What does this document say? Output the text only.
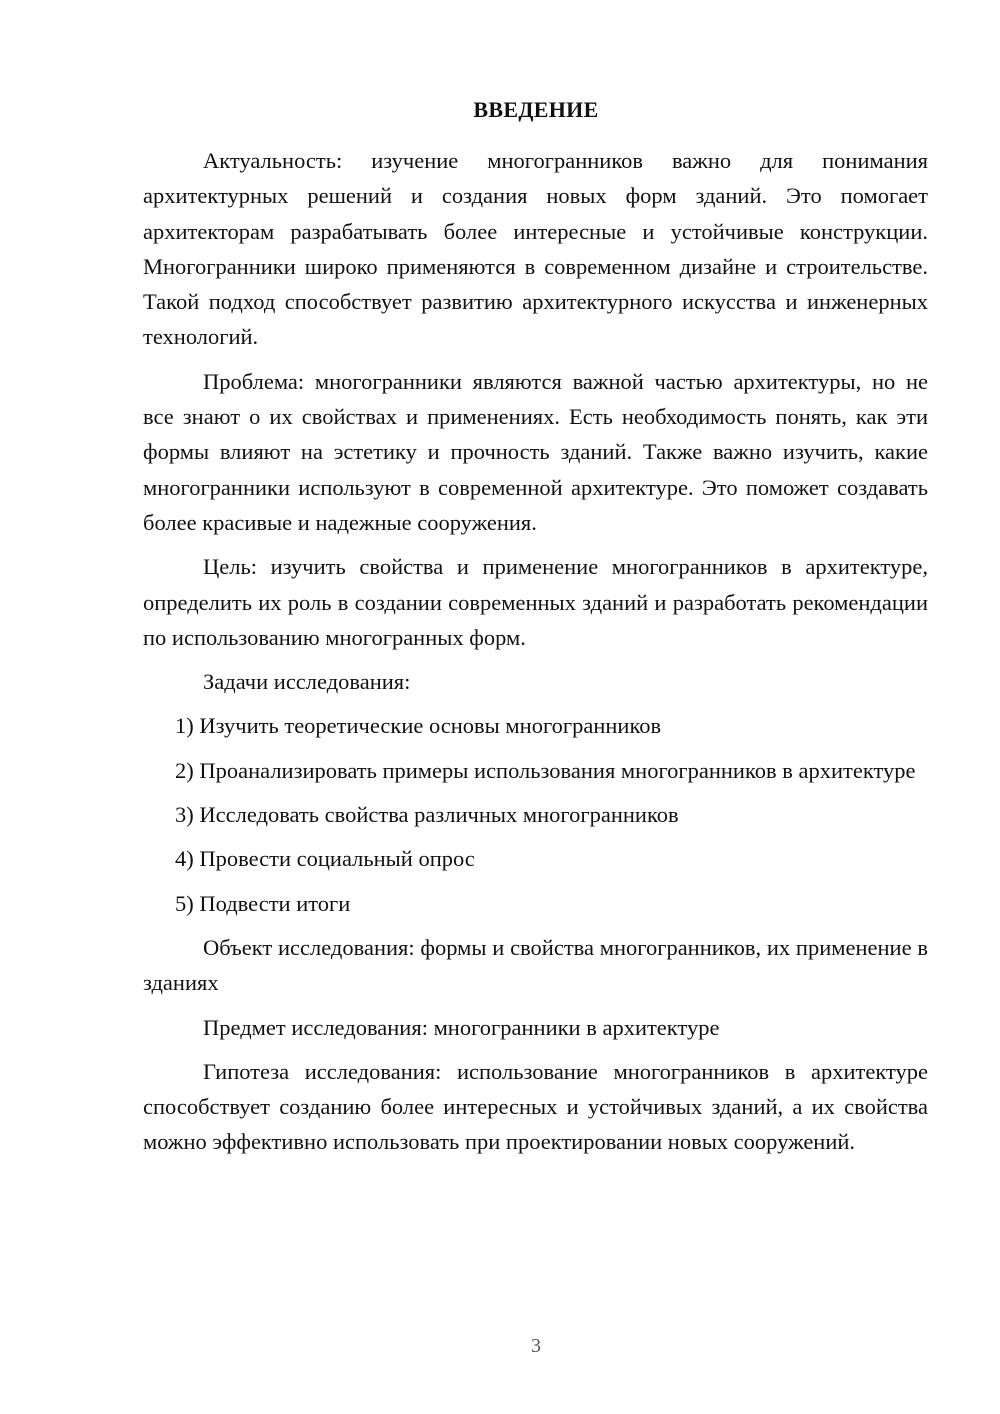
ВВЕДЕНИЕ

Актуальность: изучение многогранников важно для понимания архитектурных решений и создания новых форм зданий. Это помогает архитекторам разрабатывать более интересные и устойчивые конструкции. Многогранники широко применяются в современном дизайне и строительстве. Такой подход способствует развитию архитектурного искусства и инженерных технологий.

Проблема: многогранники являются важной частью архитектуры, но не все знают о их свойствах и применениях. Есть необходимость понять, как эти формы влияют на эстетику и прочность зданий. Также важно изучить, какие многогранники используют в современной архитектуре. Это поможет создавать более красивые и надежные сооружения.

Цель: изучить свойства и применение многогранников в архитектуре, определить их роль в создании современных зданий и разработать рекомендации по использованию многогранных форм.

Задачи исследования:

1) Изучить теоретические основы многогранников

2) Проанализировать примеры использования многогранников в архитектуре

3) Исследовать свойства различных многогранников

4) Провести социальный опрос

5) Подвести итоги

Объект исследования: формы и свойства многогранников, их применение в зданиях

Предмет исследования: многогранники в архитектуре

Гипотеза исследования: использование многогранников в архитектуре способствует созданию более интересных и устойчивых зданий, а их свойства можно эффективно использовать при проектировании новых сооружений.

3
